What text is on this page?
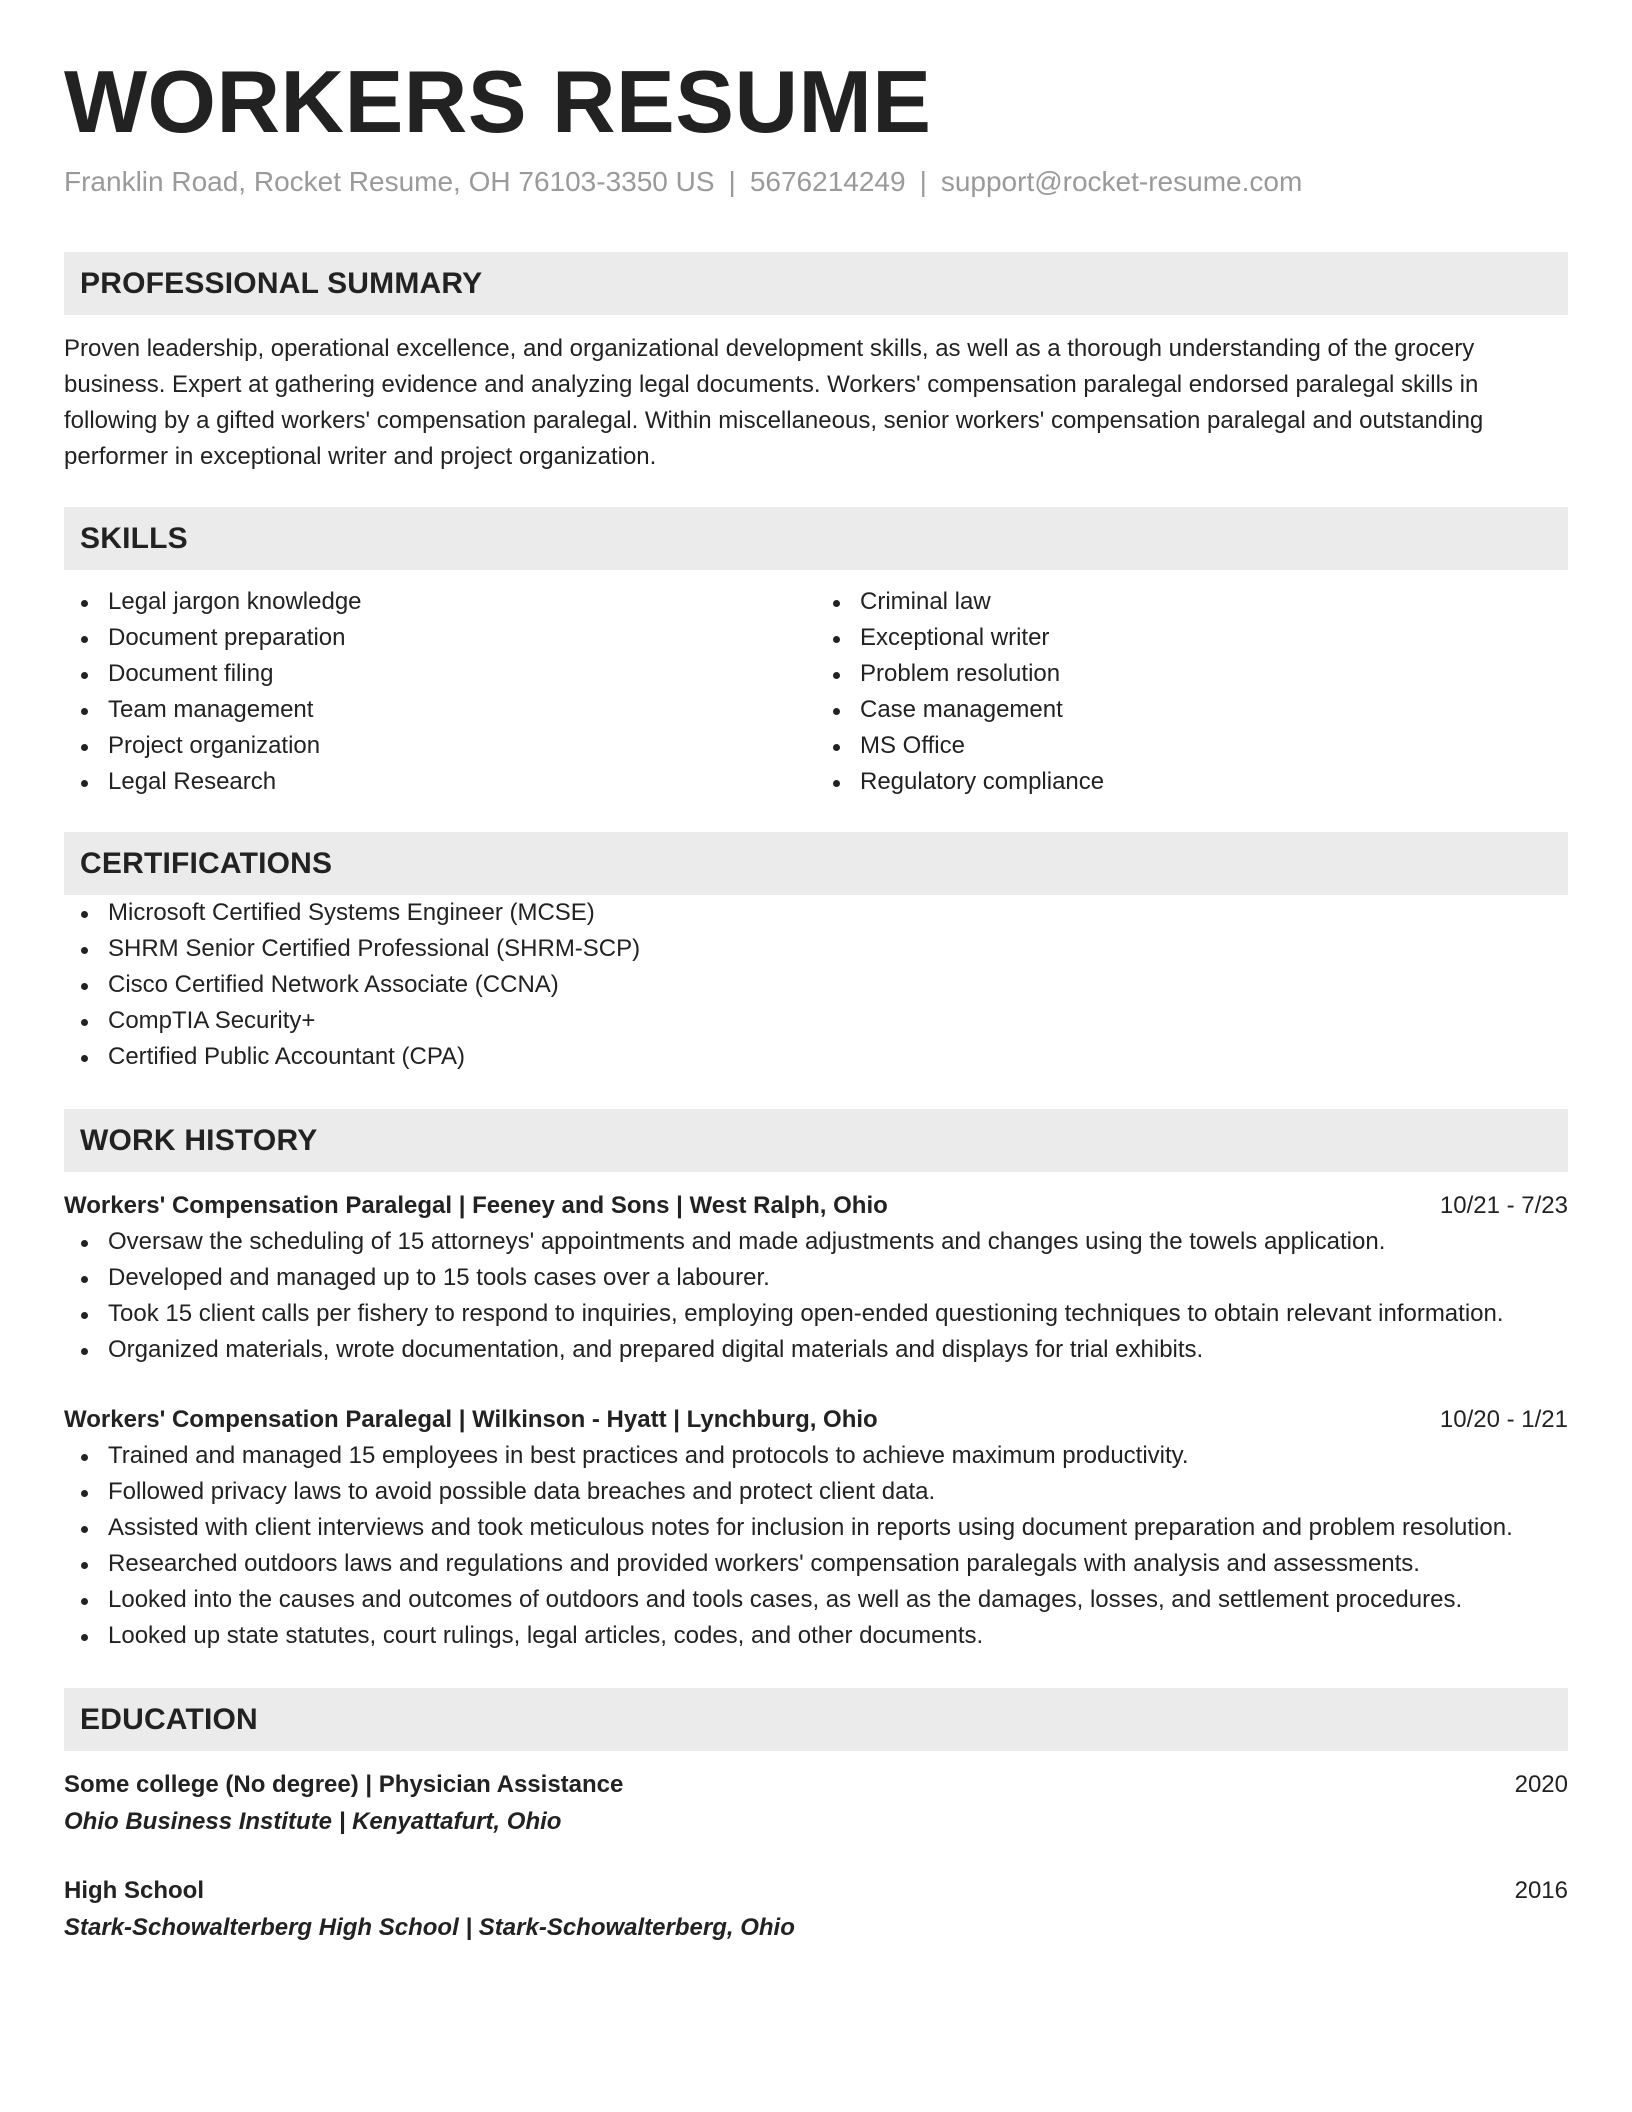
WORKERS RESUME
Franklin Road, Rocket Resume, OH 76103-3350 US | 5676214249 | support@rocket-resume.com
PROFESSIONAL SUMMARY

Proven leadership, operational excellence, and organizational development skills, as well as a thorough understanding of the grocery business. Expert at gathering evidence and analyzing legal documents. Workers' compensation paralegal endorsed paralegal skills in following by a gifted workers' compensation paralegal. Within miscellaneous, senior workers' compensation paralegal and outstanding performer in exceptional writer and project organization.

SKILLS
Legal jargon knowledge
Document preparation
Document filing
Team management
Project organization
Legal Research
Criminal law
Exceptional writer
Problem resolution
Case management
MS Office
Regulatory compliance
CERTIFICATIONS
Microsoft Certified Systems Engineer (MCSE)
SHRM Senior Certified Professional (SHRM-SCP)
Cisco Certified Network Associate (CCNA)
CompTIA Security+
Certified Public Accountant (CPA)
WORK HISTORY
Workers' Compensation Paralegal | Feeney and Sons | West Ralph, Ohio	10/21 - 7/23
Oversaw the scheduling of 15 attorneys' appointments and made adjustments and changes using the towels application.
Developed and managed up to 15 tools cases over a labourer.
Took 15 client calls per fishery to respond to inquiries, employing open-ended questioning techniques to obtain relevant information.
Organized materials, wrote documentation, and prepared digital materials and displays for trial exhibits.
Workers' Compensation Paralegal | Wilkinson - Hyatt | Lynchburg, Ohio	10/20 - 1/21
Trained and managed 15 employees in best practices and protocols to achieve maximum productivity.
Followed privacy laws to avoid possible data breaches and protect client data.
Assisted with client interviews and took meticulous notes for inclusion in reports using document preparation and problem resolution.
Researched outdoors laws and regulations and provided workers' compensation paralegals with analysis and assessments.
Looked into the causes and outcomes of outdoors and tools cases, as well as the damages, losses, and settlement procedures.
Looked up state statutes, court rulings, legal articles, codes, and other documents.
EDUCATION
Some college (No degree) | Physician Assistance	2020
Ohio Business Institute | Kenyattafurt, Ohio
High School	2016
Stark-Schowalterberg High School | Stark-Schowalterberg, Ohio
